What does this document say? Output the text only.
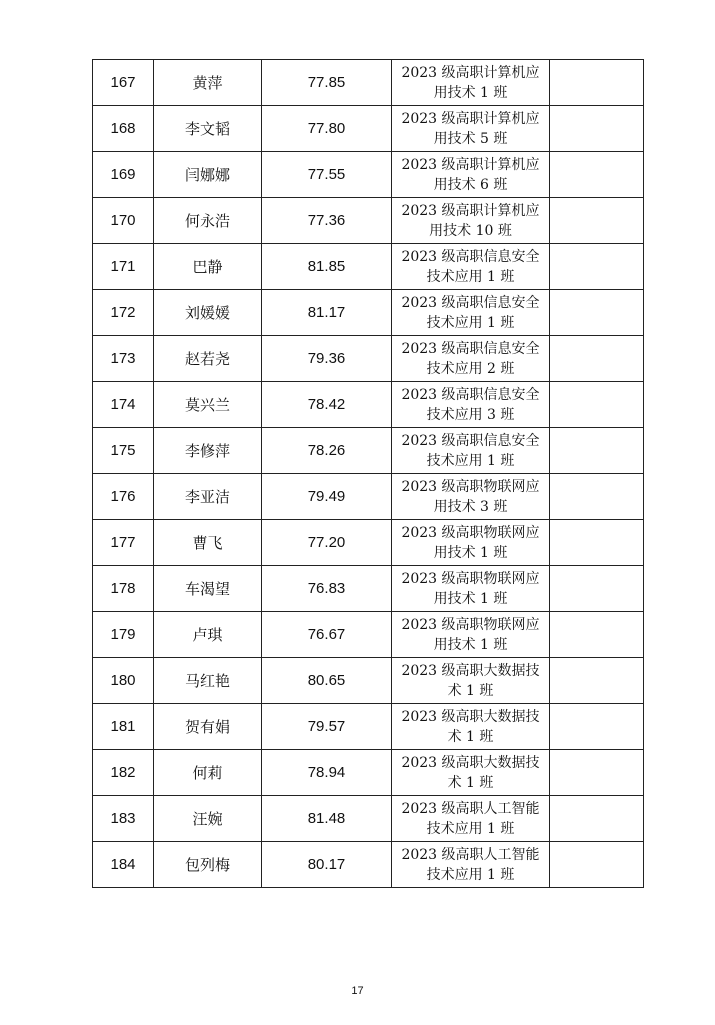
167	黄萍	77.85	2023 级高职计算机应
用技术 1 班	

168	李文韬	77.80	2023 级高职计算机应
用技术 5 班	

169	闫娜娜	77.55	2023 级高职计算机应
用技术 6 班	

170	何永浩	77.36	2023 级高职计算机应
用技术 10 班	

171	巴静	81.85	2023 级高职信息安全
技术应用 1 班	

172	刘媛媛	81.17	2023 级高职信息安全
技术应用 1 班	

173	赵若尧	79.36	2023 级高职信息安全
技术应用 2 班	

174	莫兴兰	78.42	2023 级高职信息安全
技术应用 3 班	

175	李修萍	78.26	2023 级高职信息安全
技术应用 1 班	

176	李亚洁	79.49	2023 级高职物联网应
用技术 3 班	

177	曹飞	77.20	2023 级高职物联网应
用技术 1 班	

178	车渴望	76.83	2023 级高职物联网应
用技术 1 班	

179	卢琪	76.67	2023 级高职物联网应
用技术 1 班	

180	马红艳	80.65	2023 级高职大数据技
术 1 班	

181	贺有娟	79.57	2023 级高职大数据技
术 1 班	

182	何莉	78.94	2023 级高职大数据技
术 1 班	

183	汪婉	81.48	2023 级高职人工智能
技术应用 1 班	

184	包列梅	80.17	2023 级高职人工智能
技术应用 1 班	

17
